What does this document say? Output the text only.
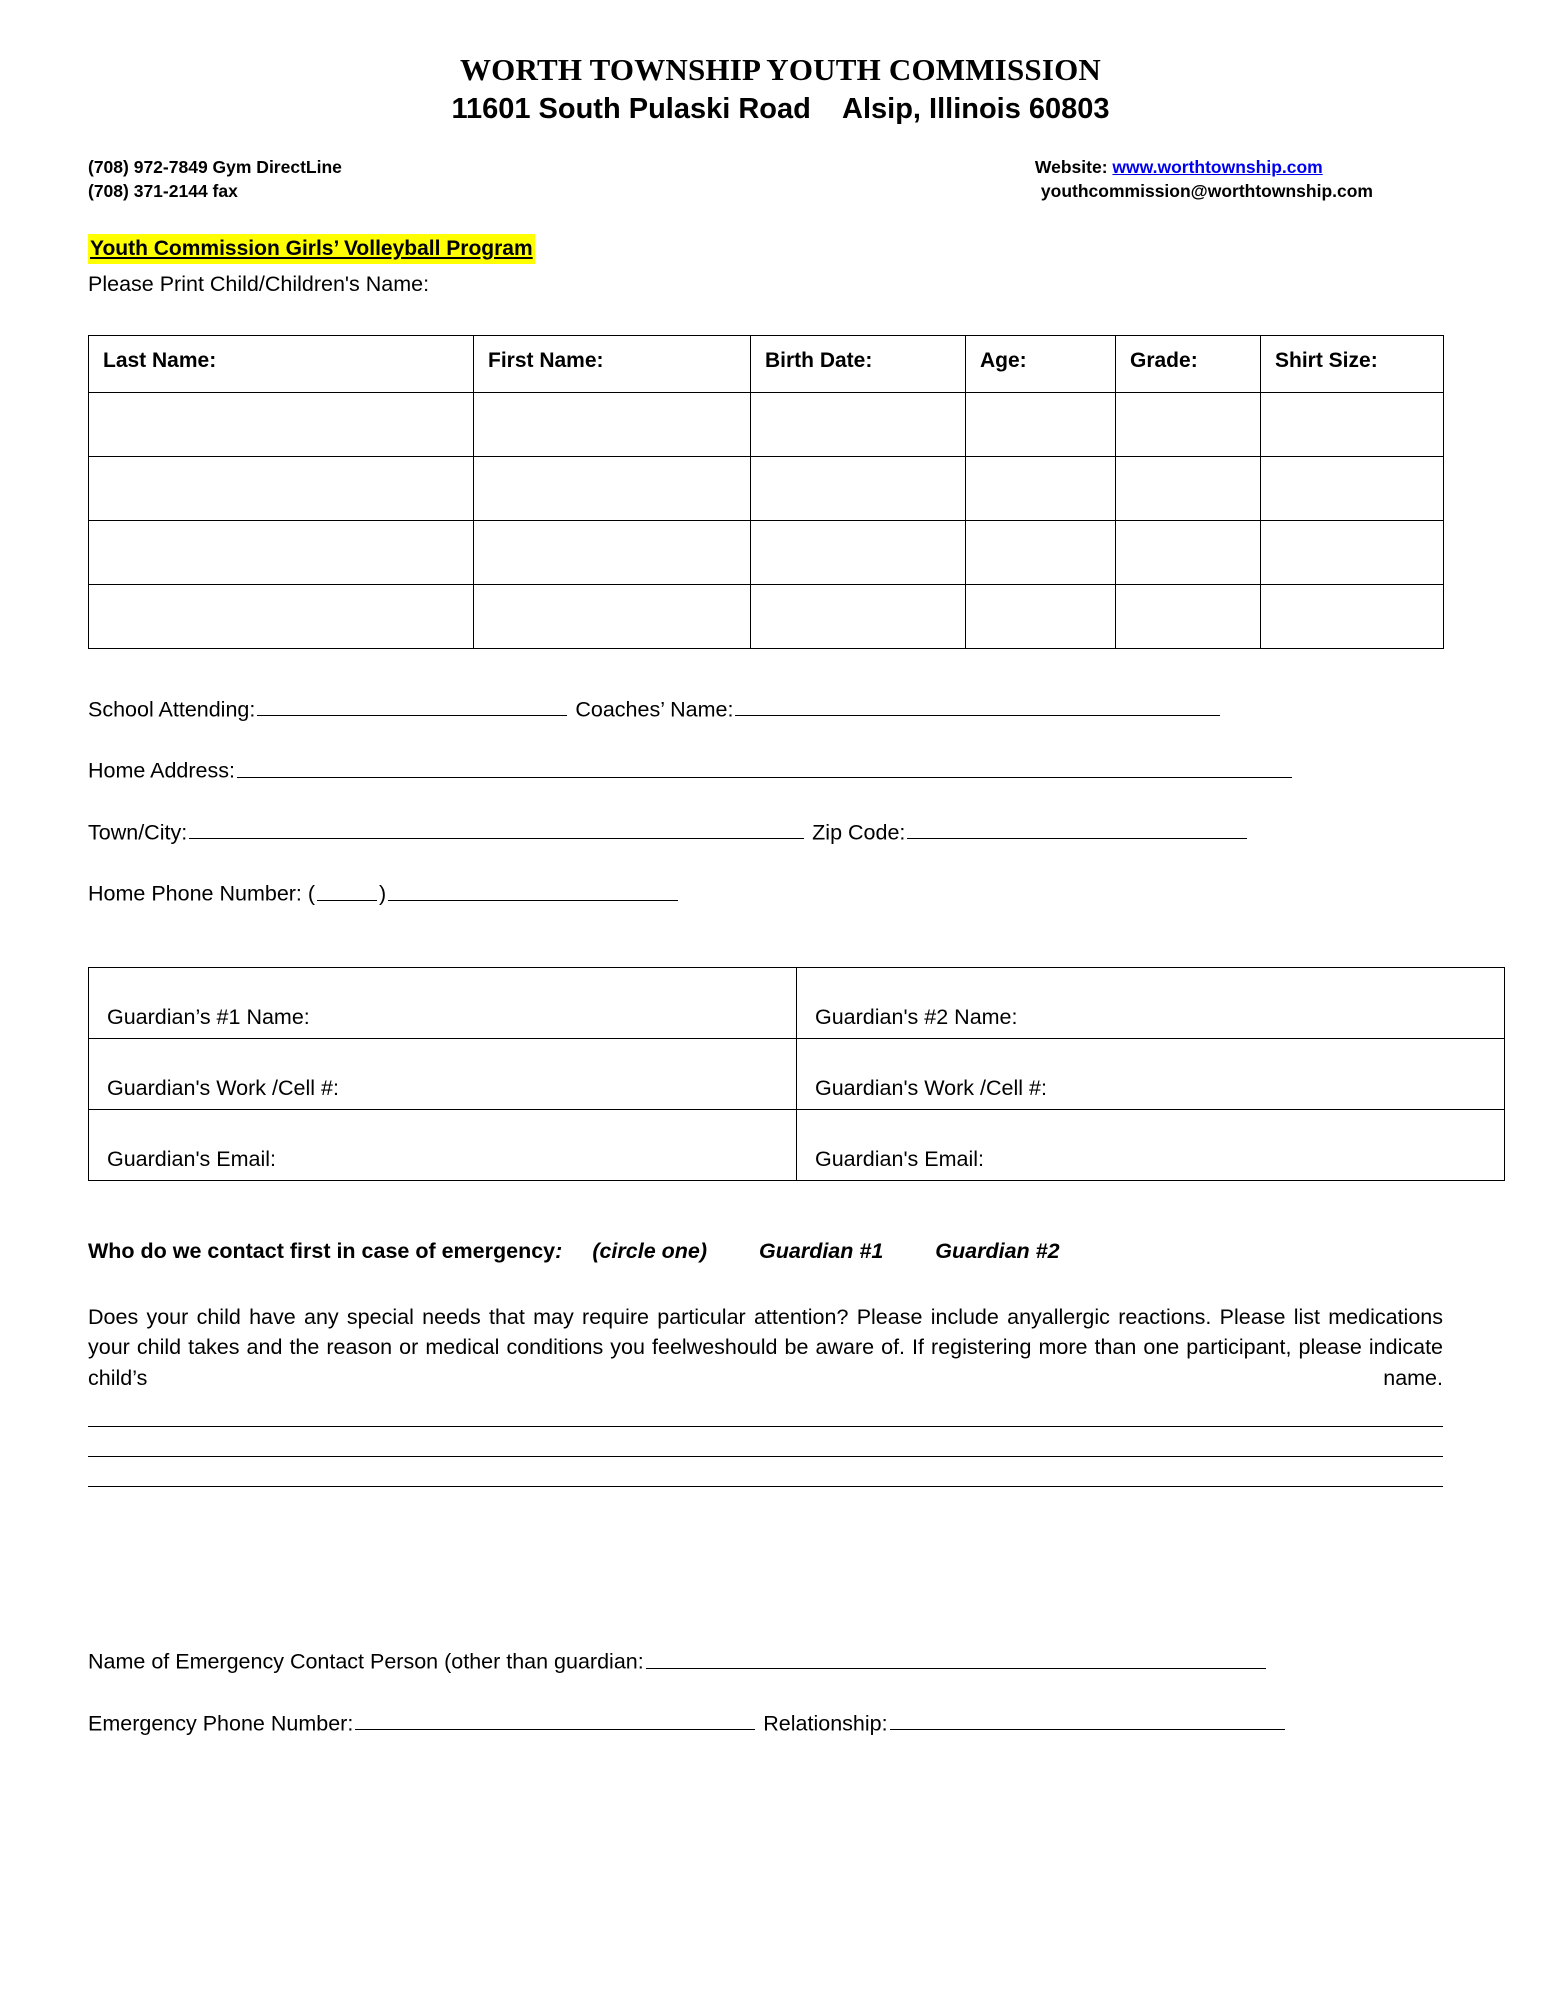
WORTH TOWNSHIP YOUTH COMMISSION
11601 South Pulaski Road    Alsip, Illinois 60803
(708) 972-7849 Gym DirectLine
(708) 371-2144 fax
Website: www.worthtownship.com
youthcommission@worthtownship.com
Youth Commission Girls’ Volleyball Program
Please Print Child/Children's Name:
Last Name:	First Name:	Birth Date:	Age:	Grade:	Shirt Size:

School Attending:	Coaches’ Name:
Home Address:
Town/City:	Zip Code:
Home Phone Number: (	)
Guardian’s #1 Name:	Guardian's #2 Name:
Guardian's Work /Cell #:	Guardian's Work /Cell #:
Guardian's Email:	Guardian's Email:
Who do we contact first in case of emergency: (circle one) Guardian #1 Guardian #2
Does your child have any special needs that may require particular attention? Please include anyallergic reactions. Please list medications your child takes and the reason or medical conditions you feelweshould be aware of. If registering more than one participant, please indicate child’s name.
Name of Emergency Contact Person (other than guardian:
Emergency Phone Number:	Relationship:
